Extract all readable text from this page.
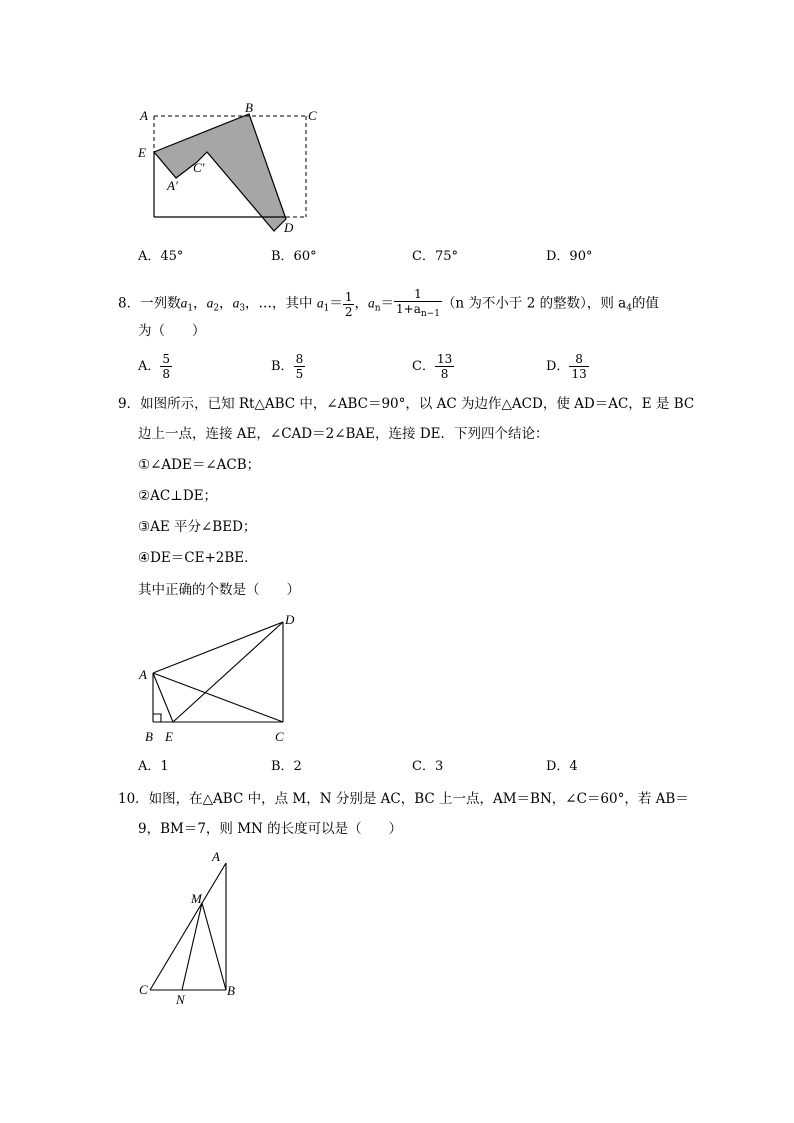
A
B
C
D
E
A′
C′
A．45°	B．60°	C．75°	D．90°
8．一列数$a_1$，$a_2$，$a_3$，…，其中 $a_1= \frac{1}{2}$ ，$a_n= \frac{1}{1+a_{n-1}} (n$ 为不小于 2 的整数），则 $a_4$的值
为（　　）
A． $\frac{5}{8}$	B． $\frac{8}{5}$	C． $\frac{13}{8}$	D． $\frac{8}{13}$
9．如图所示，已知 Rt△ABC 中，∠ABC＝90°，以 AC 为边作△ACD，使 AD＝AC，E 是 BC
边上一点，连接 AE，∠CAD＝2∠BAE，连接 DE．下列四个结论：
①∠ADE＝∠ACB；
②AC⊥DE；
③AE 平分∠BED；
④DE＝CE+2BE．
其中正确的个数是（　　）
A
B	C
D
E
A．1	B．2	C．3	D．4
10．如图，在△ABC 中，点 M，N 分别是 AC，BC 上一点，AM＝BN，∠C＝60°，若 AB＝
9，BM＝7，则 MN 的长度可以是（　　）
A
M
C
N
B
